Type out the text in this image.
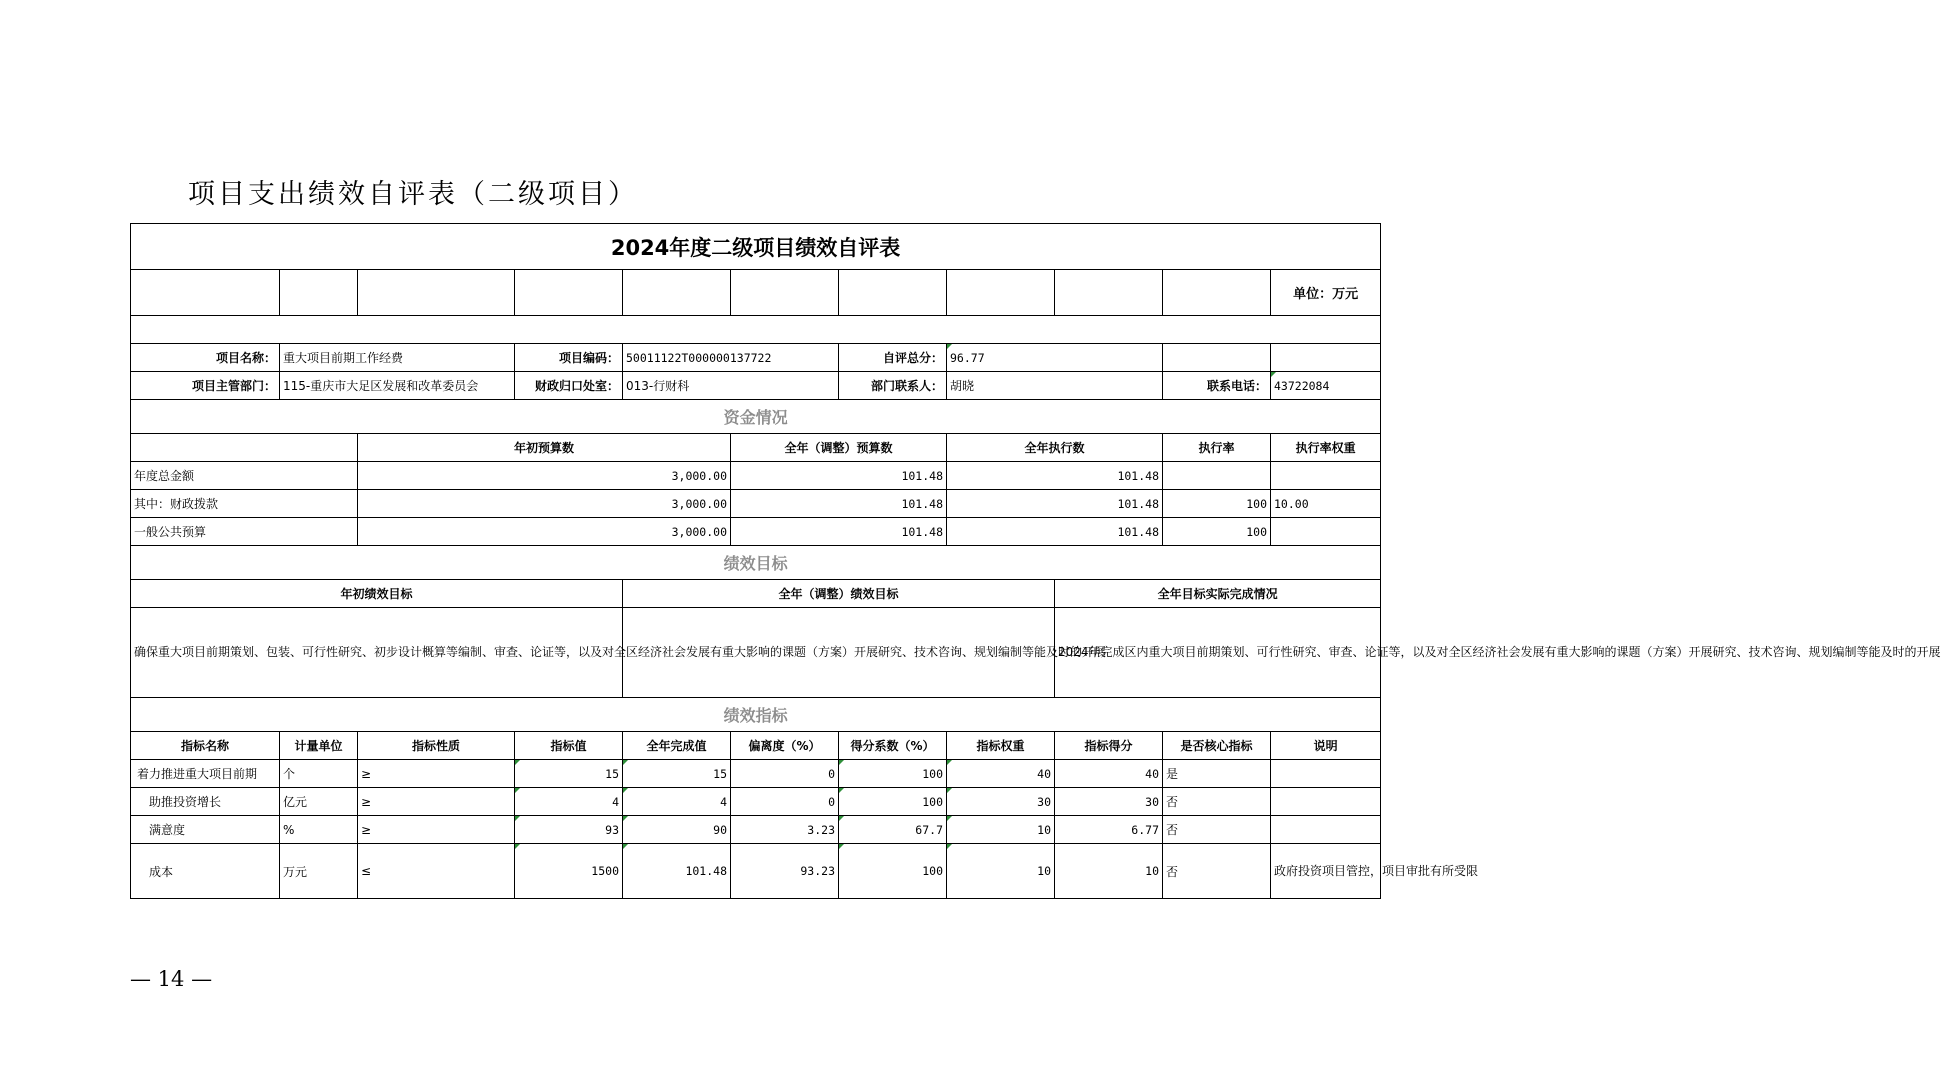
项目支出绩效自评表（二级项目）
2024年度二级项目绩效自评表											
										单位：万元	

项目名称：	重大项目前期工作经费		项目编码：	50011122T000000137722		自评总分：	96.77				
项目主管部门：	115-重庆市大足区发展和改革委员会		财政归口处室：	013-行财科		部门联系人：	胡晓		联系电话：	43722084	
资金情况											
		年初预算数			全年（调整）预算数		全年执行数		执行率	执行率权重	
年度总金额		3,000.00			101.48		101.48				
其中：财政拨款		3,000.00			101.48		101.48		100	10.00	
一般公共预算		3,000.00			101.48		101.48		100		
绩效目标											
年初绩效目标				全年（调整）绩效目标				全年目标实际完成情况			
确保重大项目前期策划、包装、可行性研究、初步设计概算等编制、审查、论证等，以及对全区经济社会发展有重大影响的课题（方案）开展研究、技术咨询、规划编制等能及时的开展								2024年完成区内重大项目前期策划、可行性研究、审查、论证等，以及对全区经济社会发展有重大影响的课题（方案）开展研究、技术咨询、规划编制等能及时的开展			
绩效指标											
指标名称	计量单位	指标性质	指标值	全年完成值	偏离度（%）	得分系数（%）	指标权重	指标得分	是否核心指标	说明	
着力推进重大项目前期	个	≥	15	15	0	100	40	40	是		
助推投资增长	亿元	≥	4	4	0	100	30	30	否		
满意度	%	≥	93	90	3.23	67.7	10	6.77	否		
成本	万元	≤	1500	101.48	93.23	100	10	10	否	政府投资项目管控，项目审批有所受限	
— 14 —
